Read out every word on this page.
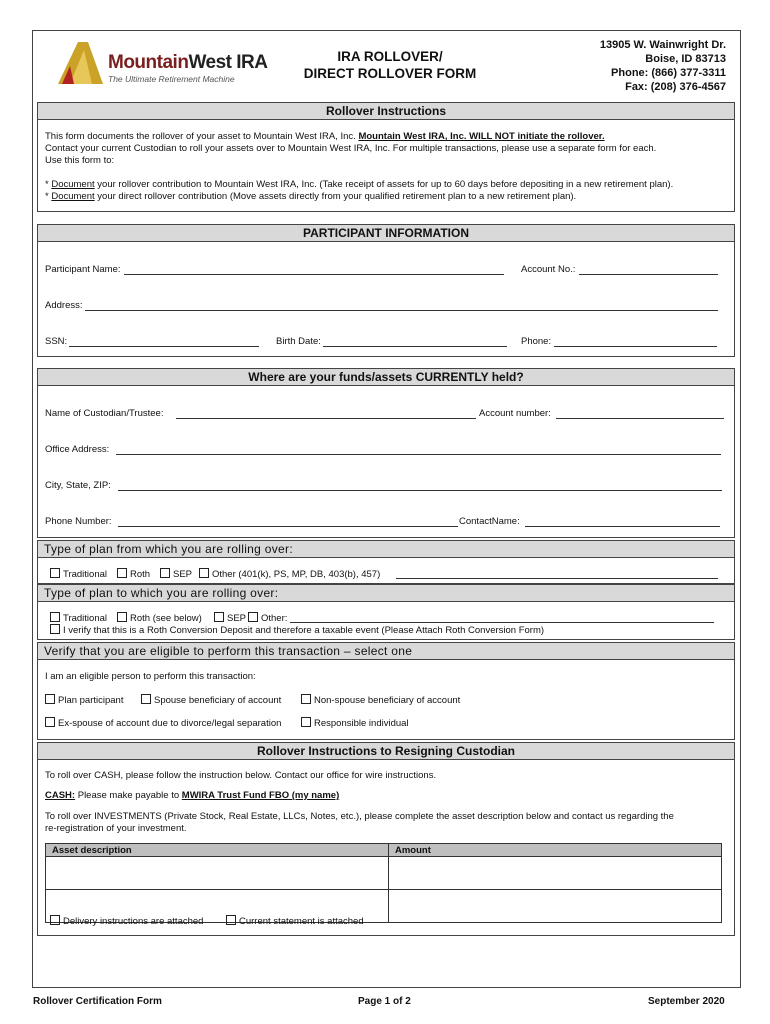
MountainWest IRA
The Ultimate Retirement Machine
IRA ROLLOVER/
DIRECT ROLLOVER FORM
13905 W. Wainwright Dr.
Boise, ID 83713
Phone: (866) 377-3311
Fax: (208) 376-4567
Rollover Instructions
This form documents the rollover of your asset to Mountain West IRA, Inc. Mountain West IRA, Inc. WILL NOT initiate the rollover.
Contact your current Custodian to roll your assets over to Mountain West IRA, Inc. For multiple transactions, please use a separate form for each.
Use this form to:
* Document your rollover contribution to Mountain West IRA, Inc. (Take receipt of assets for up to 60 days before depositing in a new retirement plan).
* Document your direct rollover contribution (Move assets directly from your qualified retirement plan to a new retirement plan).
PARTICIPANT INFORMATION
Participant Name:	Account No.:
Address:
SSN:	Birth Date:	Phone:
Where are your funds/assets CURRENTLY held?
Name of Custodian/Trustee:	Account number:
Office Address:
City, State, ZIP:
Phone Number:	ContactName:
Type of plan from which you are rolling over:
Traditional	Roth	SEP	Other (401(k), PS, MP, DB, 403(b), 457)
Type of plan to which you are rolling over:
Traditional	Roth (see below)	SEP	Other:
I verify that this is a Roth Conversion Deposit and therefore a taxable event (Please Attach Roth Conversion Form)
Verify that you are eligible to perform this transaction – select one
I am an eligible person to perform this transaction:
Plan participant	Spouse beneficiary of account	Non-spouse beneficiary of account
Ex-spouse of account due to divorce/legal separation	Responsible individual
Rollover Instructions to Resigning Custodian
To roll over CASH, please follow the instruction below. Contact our office for wire instructions.
CASH: Please make payable to MWIRA Trust Fund FBO (my name)
To roll over INVESTMENTS (Private Stock, Real Estate, LLCs, Notes, etc.), please complete the asset description below and contact us regarding the
re-registration of your investment.
Asset description	Amount

Delivery instructions are attached	Current statement is attached
Rollover Certification Form	Page 1 of 2	September 2020
